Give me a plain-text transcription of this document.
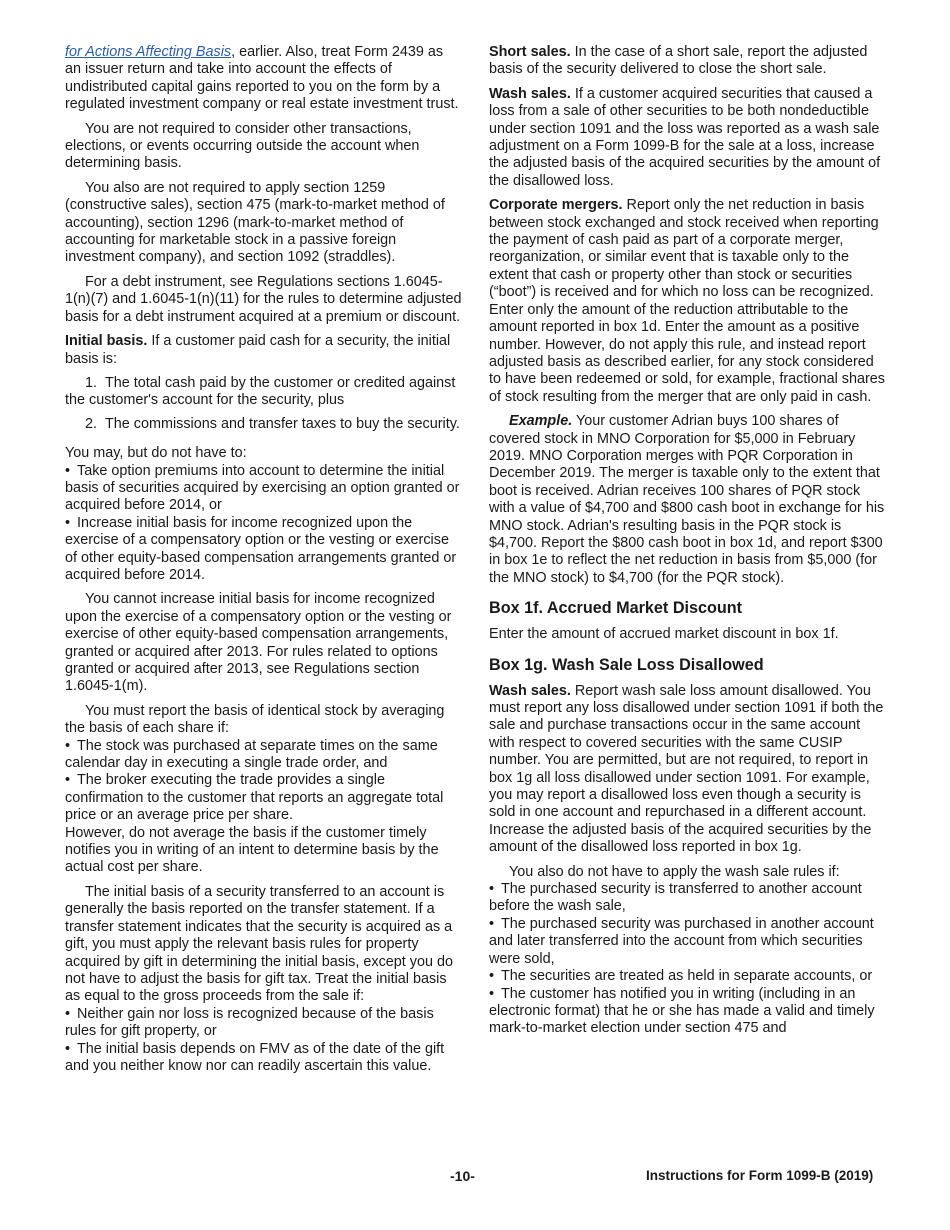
for Actions Affecting Basis, earlier. Also, treat Form 2439 as an issuer return and take into account the effects of undistributed capital gains reported to you on the form by a regulated investment company or real estate investment trust.

You are not required to consider other transactions, elections, or events occurring outside the account when determining basis.

You also are not required to apply section 1259 (constructive sales), section 475 (mark-to-market method of accounting), section 1296 (mark-to-market method of accounting for marketable stock in a passive foreign investment company), and section 1092 (straddles).

For a debt instrument, see Regulations sections 1.6045-1(n)(7) and 1.6045-1(n)(11) for the rules to determine adjusted basis for a debt instrument acquired at a premium or discount.

Initial basis. If a customer paid cash for a security, the initial basis is:

1.  The total cash paid by the customer or credited against the customer's account for the security, plus

2.  The commissions and transfer taxes to buy the security.

You may, but do not have to:

• Take option premiums into account to determine the initial basis of securities acquired by exercising an option granted or acquired before 2014, or
• Increase initial basis for income recognized upon the exercise of a compensatory option or the vesting or exercise of other equity-based compensation arrangements granted or acquired before 2014.

You cannot increase initial basis for income recognized upon the exercise of a compensatory option or the vesting or exercise of other equity-based compensation arrangements, granted or acquired after 2013. For rules related to options granted or acquired after 2013, see Regulations section 1.6045-1(m).

You must report the basis of identical stock by averaging the basis of each share if:

• The stock was purchased at separate times on the same calendar day in executing a single trade order, and
• The broker executing the trade provides a single confirmation to the customer that reports an aggregate total price or an average price per share.

However, do not average the basis if the customer timely notifies you in writing of an intent to determine basis by the actual cost per share.

The initial basis of a security transferred to an account is generally the basis reported on the transfer statement. If a transfer statement indicates that the security is acquired as a gift, you must apply the relevant basis rules for property acquired by gift in determining the initial basis, except you do not have to adjust the basis for gift tax. Treat the initial basis as equal to the gross proceeds from the sale if:

• Neither gain nor loss is recognized because of the basis rules for gift property, or
• The initial basis depends on FMV as of the date of the gift and you neither know nor can readily ascertain this value.

Short sales. In the case of a short sale, report the adjusted basis of the security delivered to close the short sale.

Wash sales. If a customer acquired securities that caused a loss from a sale of other securities to be both nondeductible under section 1091 and the loss was reported as a wash sale adjustment on a Form 1099-B for the sale at a loss, increase the adjusted basis of the acquired securities by the amount of the disallowed loss.

Corporate mergers. Report only the net reduction in basis between stock exchanged and stock received when reporting the payment of cash paid as part of a corporate merger, reorganization, or similar event that is taxable only to the extent that cash or property other than stock or securities (“boot”) is received and for which no loss can be recognized. Enter only the amount of the reduction attributable to the amount reported in box 1d. Enter the amount as a positive number. However, do not apply this rule, and instead report adjusted basis as described earlier, for any stock considered to have been redeemed or sold, for example, fractional shares of stock resulting from the merger that are only paid in cash.

Example. Your customer Adrian buys 100 shares of covered stock in MNO Corporation for $5,000 in February 2019. MNO Corporation merges with PQR Corporation in December 2019. The merger is taxable only to the extent that boot is received. Adrian receives 100 shares of PQR stock with a value of $4,700 and $800 cash boot in exchange for his MNO stock. Adrian's resulting basis in the PQR stock is $4,700. Report the $800 cash boot in box 1d, and report $300 in box 1e to reflect the net reduction in basis from $5,000 (for the MNO stock) to $4,700 (for the PQR stock).

Box 1f. Accrued Market Discount

Enter the amount of accrued market discount in box 1f.

Box 1g. Wash Sale Loss Disallowed

Wash sales. Report wash sale loss amount disallowed. You must report any loss disallowed under section 1091 if both the sale and purchase transactions occur in the same account with respect to covered securities with the same CUSIP number. You are permitted, but are not required, to report in box 1g all loss disallowed under section 1091. For example, you may report a disallowed loss even though a security is sold in one account and repurchased in a different account. Increase the adjusted basis of the acquired securities by the amount of the disallowed loss reported in box 1g.

You also do not have to apply the wash sale rules if:

• The purchased security is transferred to another account before the wash sale,
• The purchased security was purchased in another account and later transferred into the account from which securities were sold,
• The securities are treated as held in separate accounts, or
• The customer has notified you in writing (including in an electronic format) that he or she has made a valid and timely mark-to-market election under section 475 and
-10-	Instructions for Form 1099-B (2019)
